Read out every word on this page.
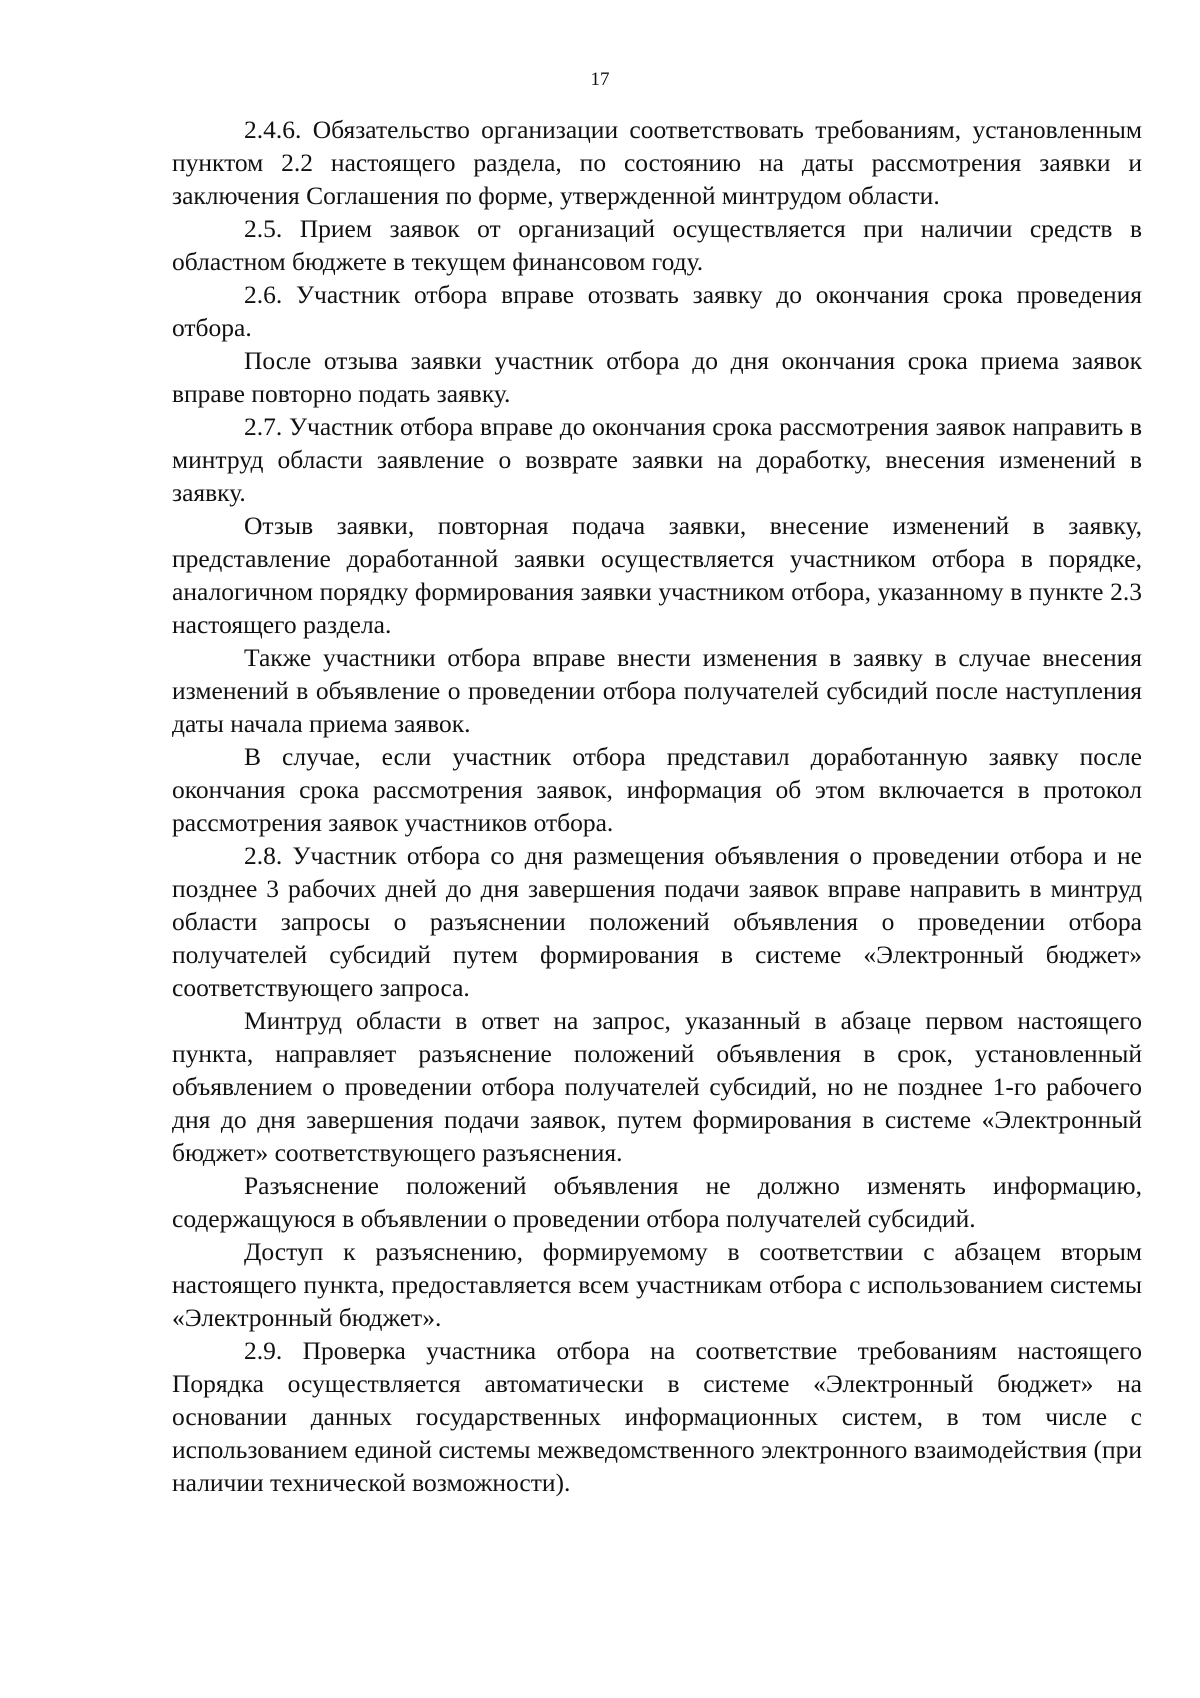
17

2.4.6. Обязательство организации соответствовать требованиям, установленным пунктом 2.2 настоящего раздела, по состоянию на даты рассмотрения заявки и заключения Соглашения по форме, утвержденной минтрудом области.

2.5. Прием заявок от организаций осуществляется при наличии средств в областном бюджете в текущем финансовом году.

2.6. Участник отбора вправе отозвать заявку до окончания срока проведения отбора.

После отзыва заявки участник отбора до дня окончания срока приема заявок вправе повторно подать заявку.

2.7. Участник отбора вправе до окончания срока рассмотрения заявок направить в минтруд области заявление о возврате заявки на доработку, внесения изменений в заявку.

Отзыв заявки, повторная подача заявки, внесение изменений в заявку, представление доработанной заявки осуществляется участником отбора в порядке, аналогичном порядку формирования заявки участником отбора, указанному в пункте 2.3 настоящего раздела.

Также участники отбора вправе внести изменения в заявку в случае внесения изменений в объявление о проведении отбора получателей субсидий после наступления даты начала приема заявок.

В случае, если участник отбора представил доработанную заявку после окончания срока рассмотрения заявок, информация об этом включается в протокол рассмотрения заявок участников отбора.

2.8. Участник отбора со дня размещения объявления о проведении отбора и не позднее 3 рабочих дней до дня завершения подачи заявок вправе направить в минтруд области запросы о разъяснении положений объявления о проведении отбора получателей субсидий путем формирования в системе «Электронный бюджет» соответствующего запроса.

Минтруд области в ответ на запрос, указанный в абзаце первом настоящего пункта, направляет разъяснение положений объявления в срок, установленный объявлением о проведении отбора получателей субсидий, но не позднее 1-го рабочего дня до дня завершения подачи заявок, путем формирования в системе «Электронный бюджет» соответствующего разъяснения.

Разъяснение положений объявления не должно изменять информацию, содержащуюся в объявлении о проведении отбора получателей субсидий.

Доступ к разъяснению, формируемому в соответствии с абзацем вторым настоящего пункта, предоставляется всем участникам отбора с использованием системы «Электронный бюджет».

2.9. Проверка участника отбора на соответствие требованиям настоящего Порядка осуществляется автоматически в системе «Электронный бюджет» на основании данных государственных информационных систем, в том числе с использованием единой системы межведомственного электронного взаимодействия (при наличии технической возможности).
